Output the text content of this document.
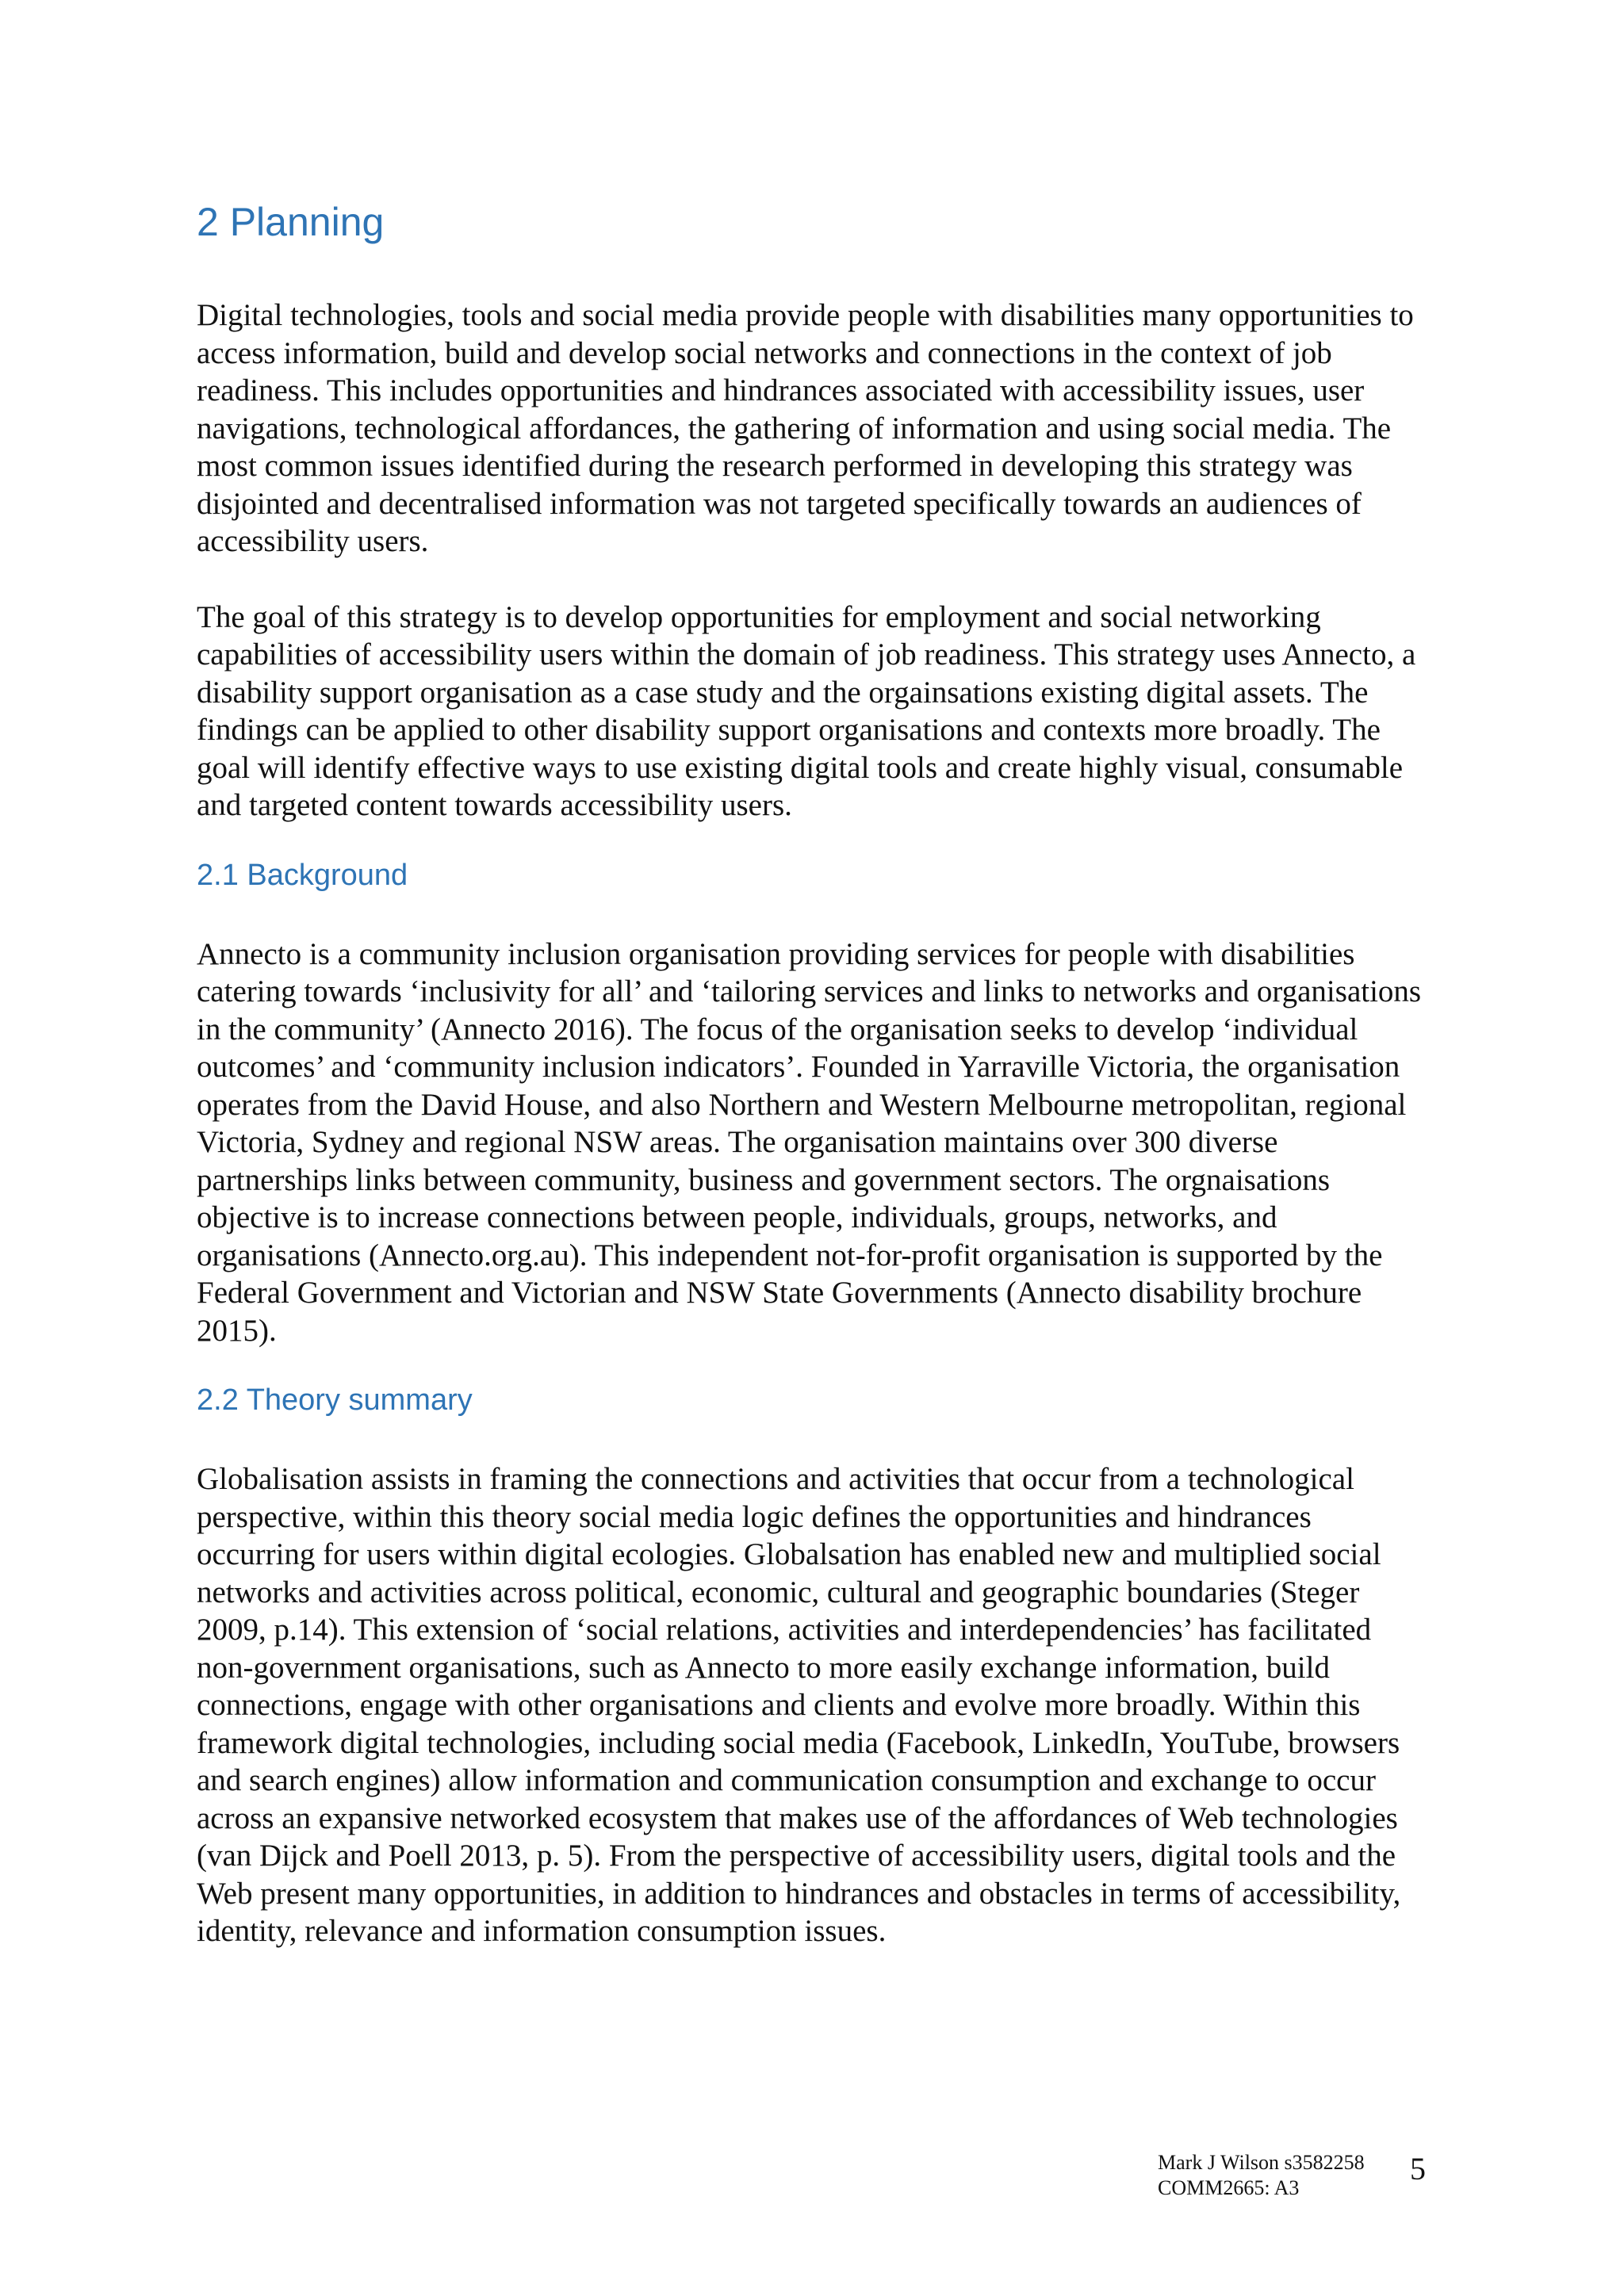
2 Planning

Digital technologies, tools and social media provide people with disabilities many opportunities to access information, build and develop social networks and connections in the context of job readiness. This includes opportunities and hindrances associated with accessibility issues, user navigations, technological affordances, the gathering of information and using social media. The most common issues identified during the research performed in developing this strategy was disjointed and decentralised information was not targeted specifically towards an audiences of accessibility users.

The goal of this strategy is to develop opportunities for employment and social networking capabilities of accessibility users within the domain of job readiness. This strategy uses Annecto, a disability support organisation as a case study and the orgainsations existing digital assets. The findings can be applied to other disability support organisations and contexts more broadly. The goal will identify effective ways to use existing digital tools and create highly visual, consumable and targeted content towards accessibility users.

2.1 Background

Annecto is a community inclusion organisation providing services for people with disabilities catering towards ‘inclusivity for all’ and ‘tailoring services and links to networks and organisations in the community’ (Annecto 2016). The focus of the organisation seeks to develop ‘individual outcomes’ and ‘community inclusion indicators’. Founded in Yarraville Victoria, the organisation operates from the David House, and also Northern and Western Melbourne metropolitan, regional Victoria, Sydney and regional NSW areas. The organisation maintains over 300 diverse partnerships links between community, business and government sectors. The orgnaisations objective is to increase connections between people, individuals, groups, networks, and organisations (Annecto.org.au). This independent not-for-profit organisation is supported by the Federal Government and Victorian and NSW State Governments (Annecto disability brochure 2015).

2.2 Theory summary

Globalisation assists in framing the connections and activities that occur from a technological perspective, within this theory social media logic defines the opportunities and hindrances occurring for users within digital ecologies. Globalsation has enabled new and multiplied social networks and activities across political, economic, cultural and geographic boundaries (Steger 2009, p.14). This extension of ‘social relations, activities and interdependencies’ has facilitated non-government organisations, such as Annecto to more easily exchange information, build connections, engage with other organisations and clients and evolve more broadly. Within this framework digital technologies, including social media (Facebook, LinkedIn, YouTube, browsers and search engines) allow information and communication consumption and exchange to occur across an expansive networked ecosystem that makes use of the affordances of Web technologies (van Dijck and Poell 2013, p. 5). From the perspective of accessibility users, digital tools and the Web present many opportunities, in addition to hindrances and obstacles in terms of accessibility, identity, relevance and information consumption issues.

Mark J Wilson s3582258
COMM2665: A3
5
